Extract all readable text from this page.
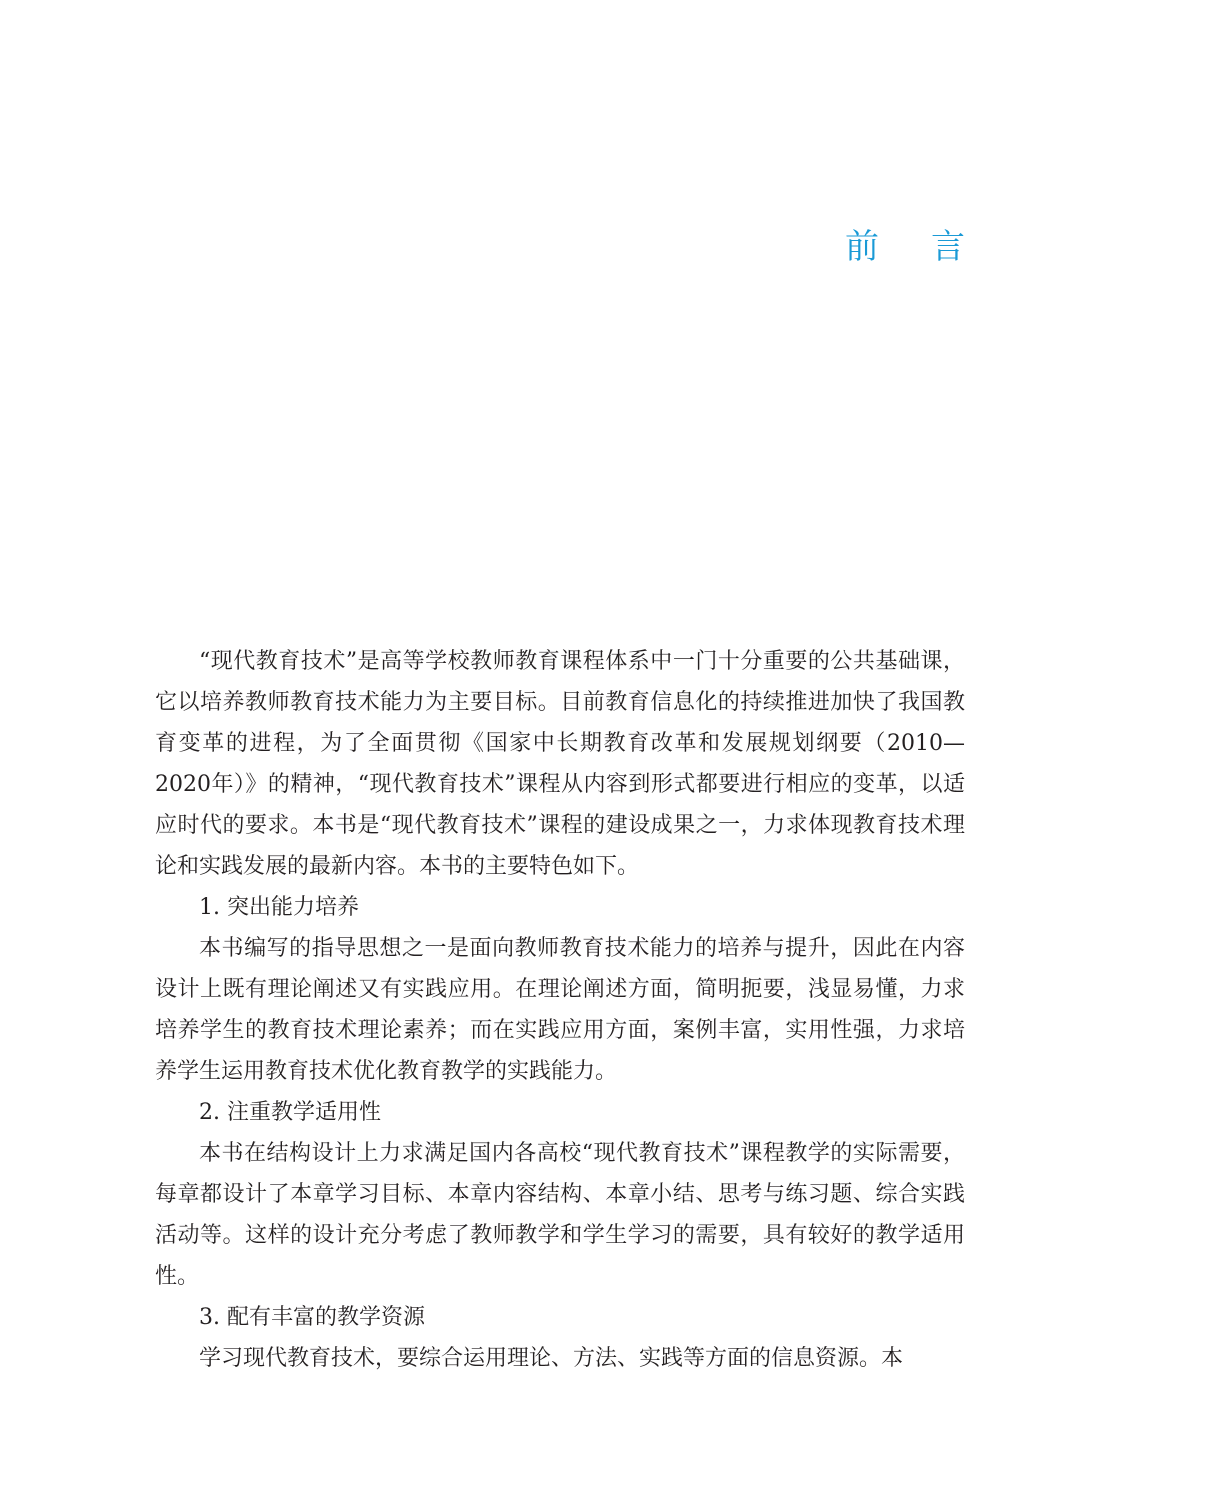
前言

“现代教育技术”是高等学校教师教育课程体系中一门十分重要的公共基础课，它以培养教师教育技术能力为主要目标。目前教育信息化的持续推进加快了我国教育变革的进程，为了全面贯彻《国家中长期教育改革和发展规划纲要（2010—2020年）》的精神，“现代教育技术”课程从内容到形式都要进行相应的变革，以适应时代的要求。本书是“现代教育技术”课程的建设成果之一，力求体现教育技术理论和实践发展的最新内容。本书的主要特色如下。

1. 突出能力培养

本书编写的指导思想之一是面向教师教育技术能力的培养与提升，因此在内容设计上既有理论阐述又有实践应用。在理论阐述方面，简明扼要，浅显易懂，力求培养学生的教育技术理论素养；而在实践应用方面，案例丰富，实用性强，力求培养学生运用教育技术优化教育教学的实践能力。

2. 注重教学适用性

本书在结构设计上力求满足国内各高校“现代教育技术”课程教学的实际需要，每章都设计了本章学习目标、本章内容结构、本章小结、思考与练习题、综合实践活动等。这样的设计充分考虑了教师教学和学生学习的需要，具有较好的教学适用性。

3. 配有丰富的教学资源

学习现代教育技术，要综合运用理论、方法、实践等方面的信息资源。本
